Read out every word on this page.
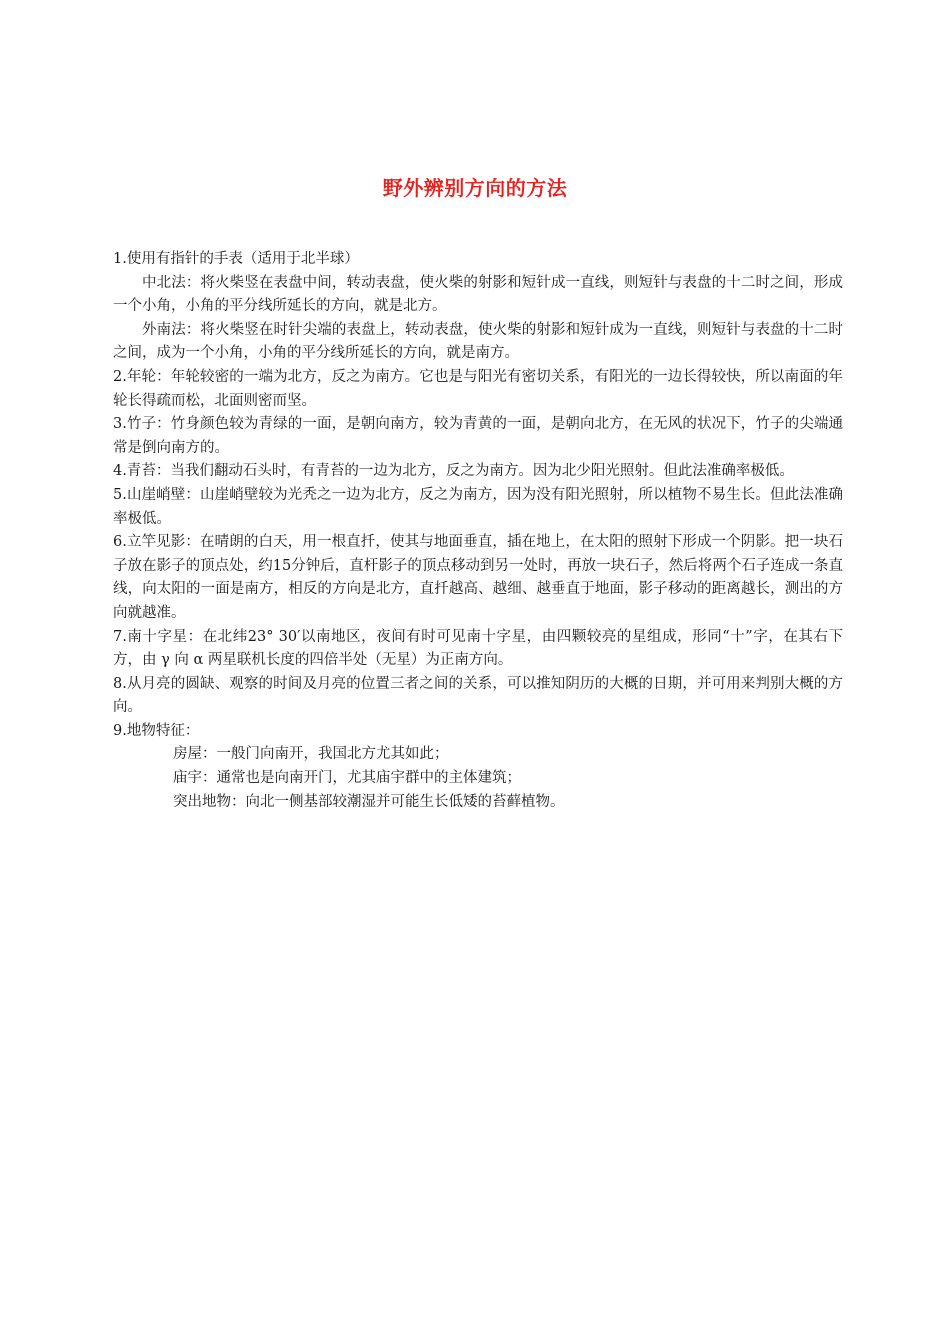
野外辨别方向的方法

1.使用有指针的手表（适用于北半球）

中北法：将火柴竖在表盘中间，转动表盘，使火柴的射影和短针成一直线，则短针与表盘的十二时之间，形成一个小角，小角的平分线所延长的方向，就是北方。

外南法：将火柴竖在时针尖端的表盘上，转动表盘，使火柴的射影和短针成为一直线，则短针与表盘的十二时之间，成为一个小角，小角的平分线所延长的方向，就是南方。

2.年轮：年轮较密的一端为北方，反之为南方。它也是与阳光有密切关系，有阳光的一边长得较快，所以南面的年轮长得疏而松，北面则密而坚。

3.竹子：竹身颜色较为青绿的一面，是朝向南方，较为青黄的一面，是朝向北方，在无风的状况下，竹子的尖端通常是倒向南方的。

4.青苔：当我们翻动石头时，有青苔的一边为北方，反之为南方。因为北少阳光照射。但此法准确率极低。

5.山崖峭壁：山崖峭壁较为光秃之一边为北方，反之为南方，因为没有阳光照射，所以植物不易生长。但此法准确率极低。

6.立竿见影：在晴朗的白天，用一根直扦，使其与地面垂直，插在地上，在太阳的照射下形成一个阴影。把一块石子放在影子的顶点处，约15分钟后，直杆影子的顶点移动到另一处时，再放一块石子，然后将两个石子连成一条直线，向太阳的一面是南方，相反的方向是北方，直扦越高、越细、越垂直于地面，影子移动的距离越长，测出的方向就越准。

7.南十字星：在北纬23° 30′以南地区，夜间有时可见南十字星，由四颗较亮的星组成，形同“十”字，在其右下方，由 γ 向 α 两星联机长度的四倍半处（无星）为正南方向。

8.从月亮的圆缺、观察的时间及月亮的位置三者之间的关系，可以推知阴历的大概的日期，并可用来判别大概的方向。

9.地物特征：

房屋：一般门向南开，我国北方尤其如此；

庙宇：通常也是向南开门，尤其庙宇群中的主体建筑；

突出地物：向北一侧基部较潮湿并可能生长低矮的苔藓植物。
